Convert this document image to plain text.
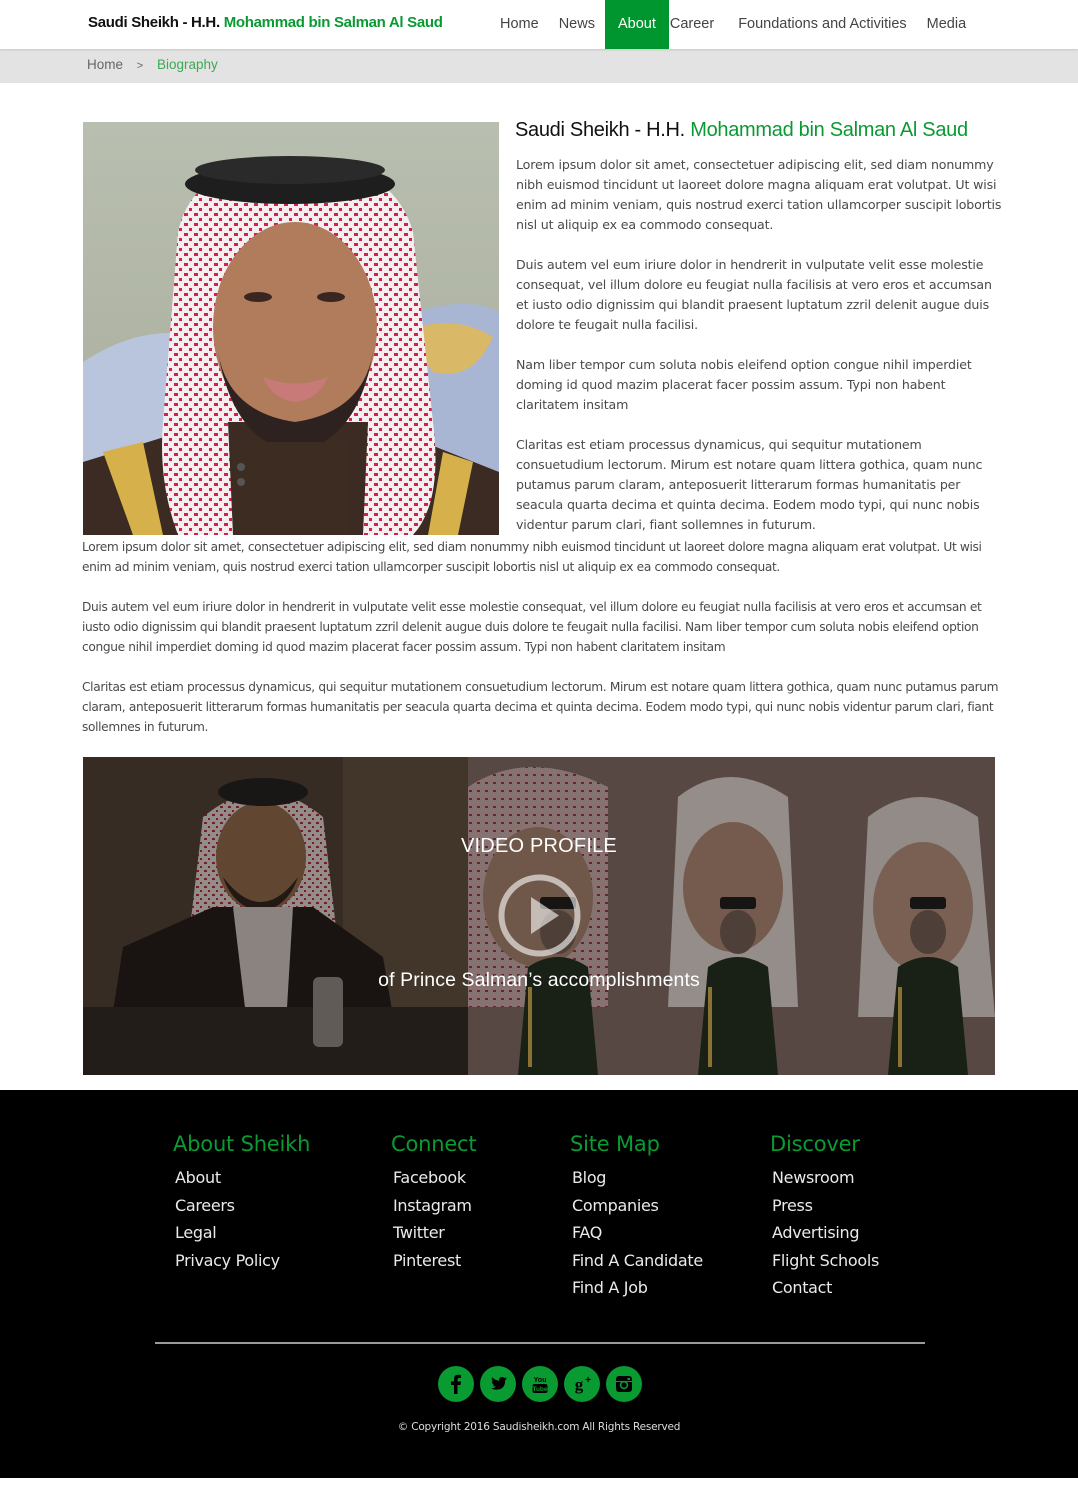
Saudi Sheikh - H.H. Mohammad bin Salman Al Saud	Home	News	About Career	Foundations and Activities	Media
Home > Biography
Saudi Sheikh - H.H. Mohammad bin Salman Al Saud

Lorem ipsum dolor sit amet, consectetuer adipiscing elit, sed diam nonummy nibh euismod tincidunt ut laoreet dolore magna aliquam erat volutpat. Ut wisi enim ad minim veniam, quis nostrud exerci tation ullamcorper suscipit lobortis nisl ut aliquip ex ea commodo consequat.

Duis autem vel eum iriure dolor in hendrerit in vulputate velit esse molestie consequat, vel illum dolore eu feugiat nulla facilisis at vero eros et accumsan et iusto odio dignissim qui blandit praesent luptatum zzril delenit augue duis dolore te feugait nulla facilisi.

Nam liber tempor cum soluta nobis eleifend option congue nihil imperdiet doming id quod mazim placerat facer possim assum. Typi non habent claritatem insitam

Claritas est etiam processus dynamicus, qui sequitur mutationem consuetudium lectorum. Mirum est notare quam littera gothica, quam nunc putamus parum claram, anteposuerit litterarum formas humanitatis per seacula quarta decima et quinta decima. Eodem modo typi, qui nunc nobis videntur parum clari, fiant sollemnes in futurum.

Lorem ipsum dolor sit amet, consectetuer adipiscing elit, sed diam nonummy nibh euismod tincidunt ut laoreet dolore magna aliquam erat volutpat. Ut wisi enim ad minim veniam, quis nostrud exerci tation ullamcorper suscipit lobortis nisl ut aliquip ex ea commodo consequat.

Duis autem vel eum iriure dolor in hendrerit in vulputate velit esse molestie consequat, vel illum dolore eu feugiat nulla facilisis at vero eros et accumsan et iusto odio dignissim qui blandit praesent luptatum zzril delenit augue duis dolore te feugait nulla facilisi. Nam liber tempor cum soluta nobis eleifend option congue nihil imperdiet doming id quod mazim placerat facer possim assum. Typi non habent claritatem insitam

Claritas est etiam processus dynamicus, qui sequitur mutationem consuetudium lectorum. Mirum est notare quam littera gothica, quam nunc putamus parum claram, anteposuerit litterarum formas humanitatis per seacula quarta decima et quinta decima. Eodem modo typi, qui nunc nobis videntur parum clari, fiant sollemnes in futurum.

VIDEO PROFILE
of Prince Salman’s accomplishments
About Sheikh
About
Careers
Legal
Privacy Policy
Connect
Facebook
Instagram
Twitter
Pinterest
Site Map
Blog
Companies
FAQ
Find A Candidate
Find A Job
Discover
Newsroom
Press
Advertising
Flight Schools
Contact
You
Tube g +
© Copyright 2016 Saudisheikh.com All Rights Reserved
